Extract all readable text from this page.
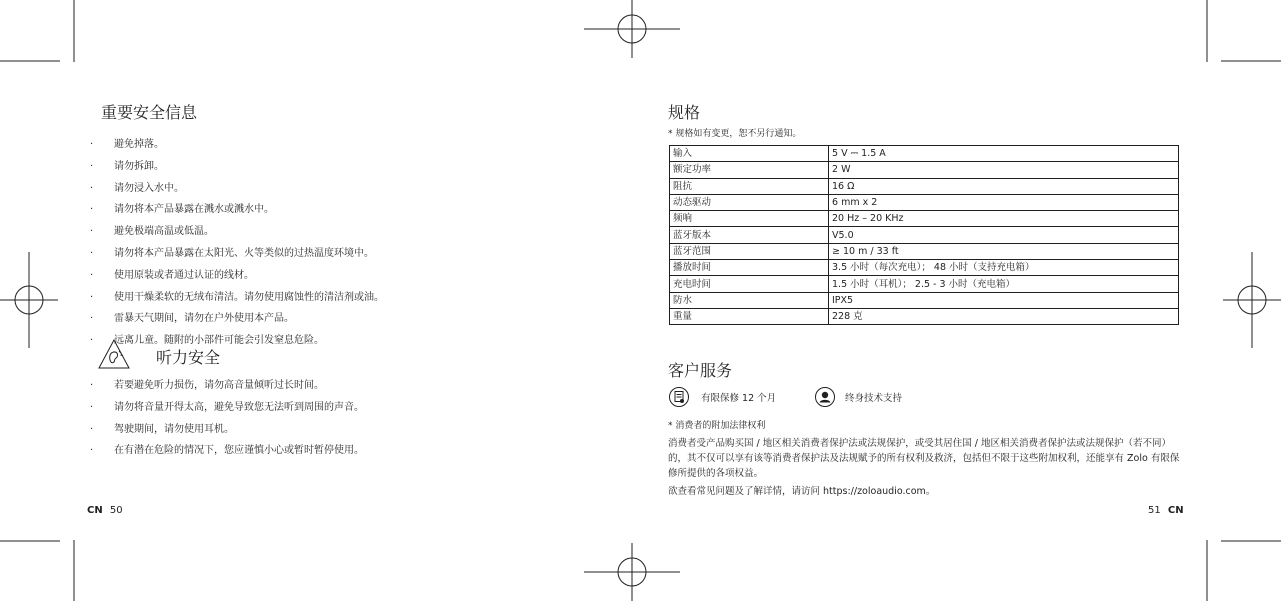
重要安全信息
· 避免掉落。
· 请勿拆卸。
· 请勿浸入水中。
· 请勿将本产品暴露在溅水或溅水中。
· 避免极端高温或低温。
· 请勿将本产品暴露在太阳光、火等类似的过热温度环境中。
· 使用原装或者通过认证的线材。
· 使用干燥柔软的无绒布清洁。请勿使用腐蚀性的清洁剂或油。
· 雷暴天气期间，请勿在户外使用本产品。
· 远离儿童。随附的小部件可能会引发窒息危险。
听力安全
· 若要避免听力损伤，请勿高音量倾听过长时间。
· 请勿将音量开得太高，避免导致您无法听到周围的声音。
· 驾驶期间，请勿使用耳机。
· 在有潜在危险的情况下，您应谨慎小心或暂时暂停使用。
CN 50
规格
* 规格如有变更，恕不另行通知。
输入	5 V ⎓ 1.5 A
额定功率	2 W
阻抗	16 Ω
动态驱动	6 mm x 2
频响	20 Hz – 20 KHz
蓝牙版本	V5.0
蓝牙范围	≥ 10 m / 33 ft
播放时间	3.5 小时（每次充电）； 48 小时（支持充电箱）
充电时间	1.5 小时（耳机）； 2.5 - 3 小时（充电箱）
防水	IPX5
重量	228 克
客户服务
有限保修 12 个月	终身技术支持
* 消费者的附加法律权利
消费者受产品购买国 / 地区相关消费者保护法或法规保护，或受其居住国 / 地区相关消费者保护法或法规保护（若不同）的，其不仅可以享有该等消费者保护法及法规赋予的所有权利及救济，包括但不限于这些附加权利，还能享有 Zolo 有限保修所提供的各项权益。
欲查看常见问题及了解详情，请访问 https://zoloaudio.com。
51 CN
